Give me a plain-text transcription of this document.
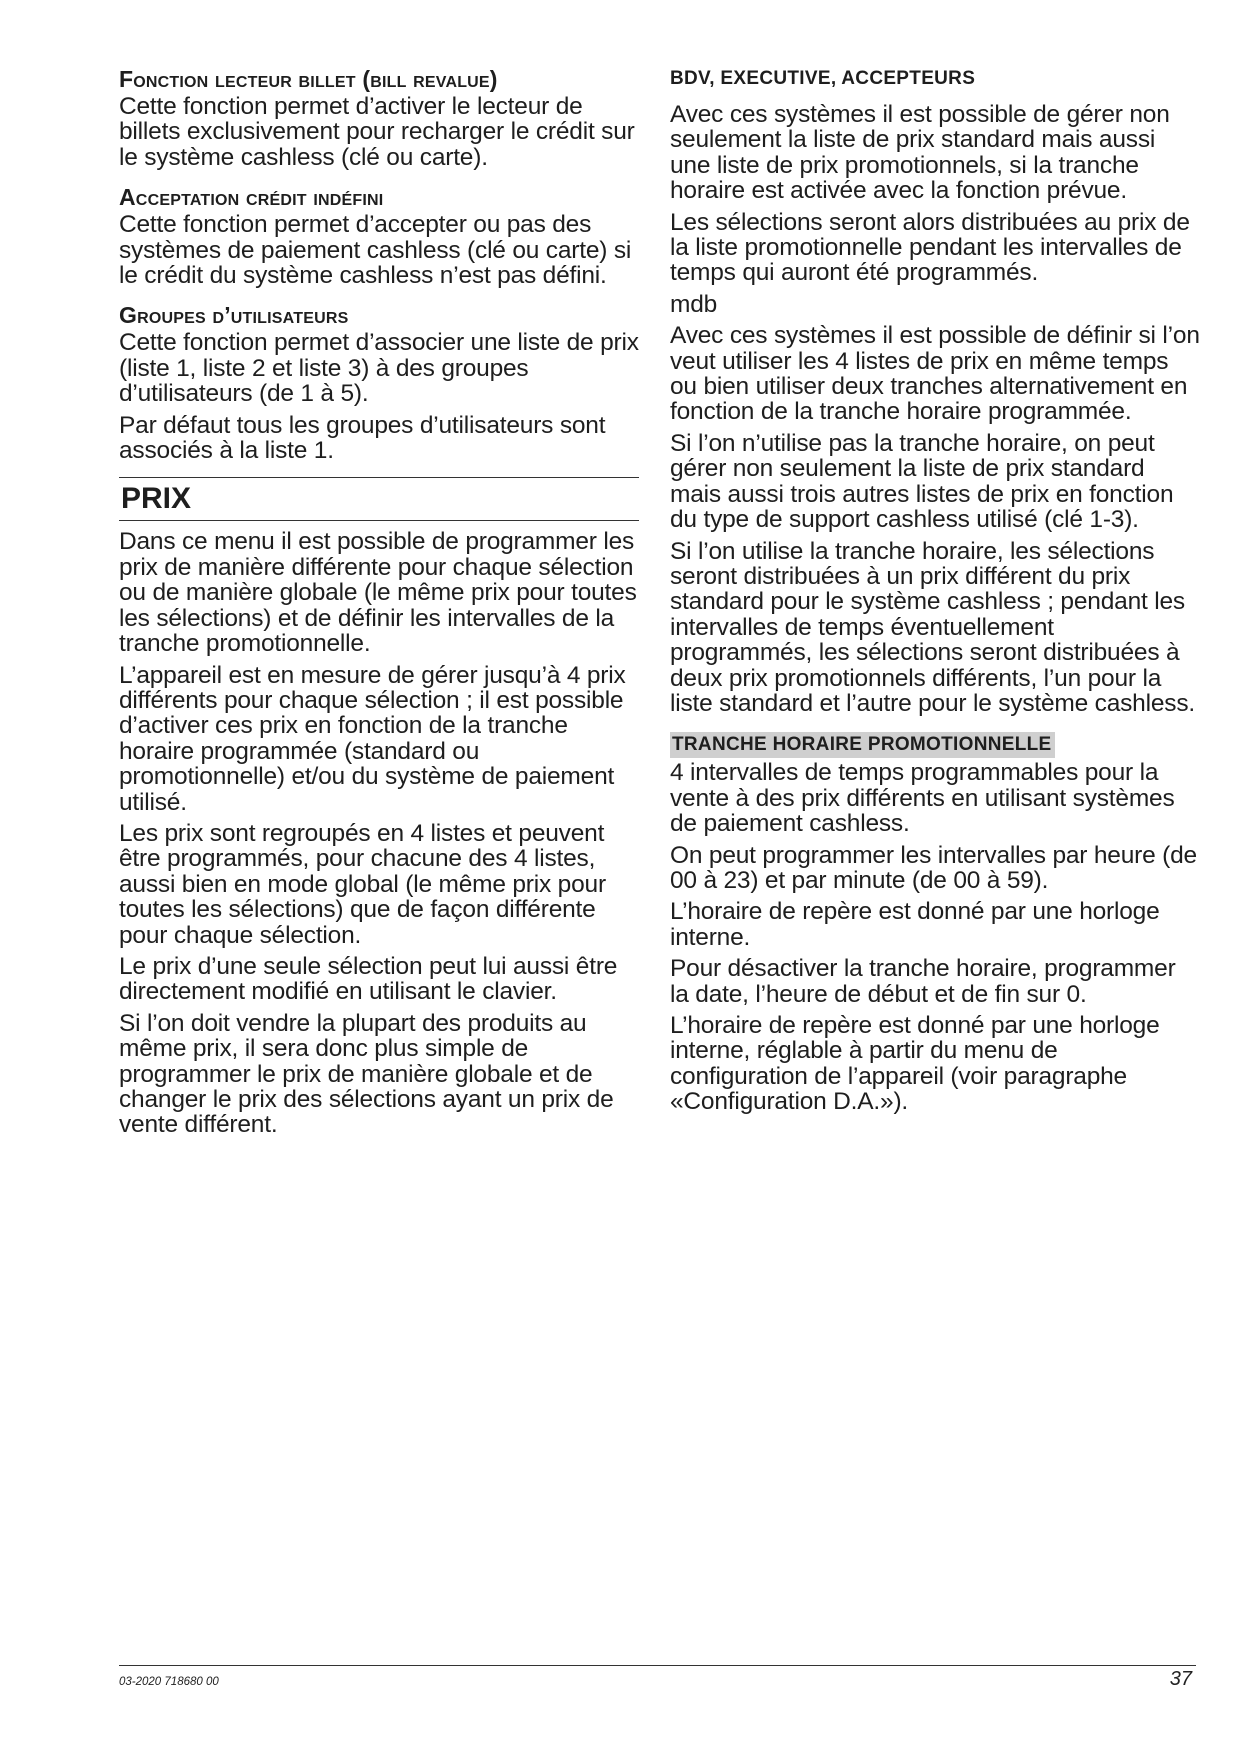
Fonction lecteur billet (bill revalue)

Cette fonction permet d’activer le lecteur de billets exclusivement pour recharger le crédit sur le système cashless (clé ou carte).

Acceptation crédit indéfini

Cette fonction permet d’accepter ou pas des systèmes de paiement cashless (clé ou carte) si le crédit du système cashless n’est pas défini.

Groupes d’utilisateurs

Cette fonction permet d’associer une liste de prix (liste 1, liste 2 et liste 3) à des groupes d’utilisateurs (de 1 à 5).

Par défaut tous les groupes d’utilisateurs sont associés à la liste 1.

PRIX

Dans ce menu il est possible de programmer les prix de manière différente pour chaque sélection ou de manière globale (le même prix pour toutes les sélections) et de définir les intervalles de la tranche promotionnelle.

L’appareil est en mesure de gérer jusqu’à 4 prix différents pour chaque sélection ; il est possible d’activer ces prix en fonction de la tranche horaire programmée (standard ou promotionnelle) et/ou du système de paiement utilisé.

Les prix sont regroupés en 4 listes et peuvent être programmés, pour chacune des 4 listes, aussi bien en mode global (le même prix pour toutes les sélections) que de façon différente pour chaque sélection.

Le prix d’une seule sélection peut lui aussi être directement modifié en utilisant le clavier.

Si l’on doit vendre la plupart des produits au même prix, il sera donc plus simple de programmer le prix de manière globale et de changer le prix des sélections ayant un prix de vente différent.

BDV, EXECUTIVE, ACCEPTEURS

Avec ces systèmes il est possible de gérer non seulement la liste de prix standard mais aussi une liste de prix promotionnels, si la tranche horaire est activée avec la fonction prévue.

Les sélections seront alors distribuées au prix de la liste promotionnelle pendant les intervalles de temps qui auront été programmés.

mdb

Avec ces systèmes il est possible de définir si l’on veut utiliser les 4 listes de prix en même temps ou bien utiliser deux tranches alternativement en fonction de la tranche horaire programmée.

Si l’on n’utilise pas la tranche horaire, on peut gérer non seulement la liste de prix standard mais aussi trois autres listes de prix en fonction du type de support cashless utilisé (clé 1-3).

Si l’on utilise la tranche horaire, les sélections seront distribuées à un prix différent du prix standard pour le système cashless ; pendant les intervalles de temps éventuellement programmés, les sélections seront distribuées à deux prix promotionnels différents, l’un pour la liste standard et l’autre pour le système cashless.

TRANCHE HORAIRE PROMOTIONNELLE

4 intervalles de temps programmables pour la vente à des prix différents en utilisant systèmes de paiement cashless.

On peut programmer les intervalles par heure (de 00 à 23) et par minute (de 00 à 59).

L’horaire de repère est donné par une horloge interne.

Pour désactiver la tranche horaire, programmer la date, l’heure de début et de fin sur 0.

L’horaire de repère est donné par une horloge interne, réglable à partir du menu de configuration de l’appareil (voir paragraphe «Configuration D.A.»).

03-2020 718680 00	37
